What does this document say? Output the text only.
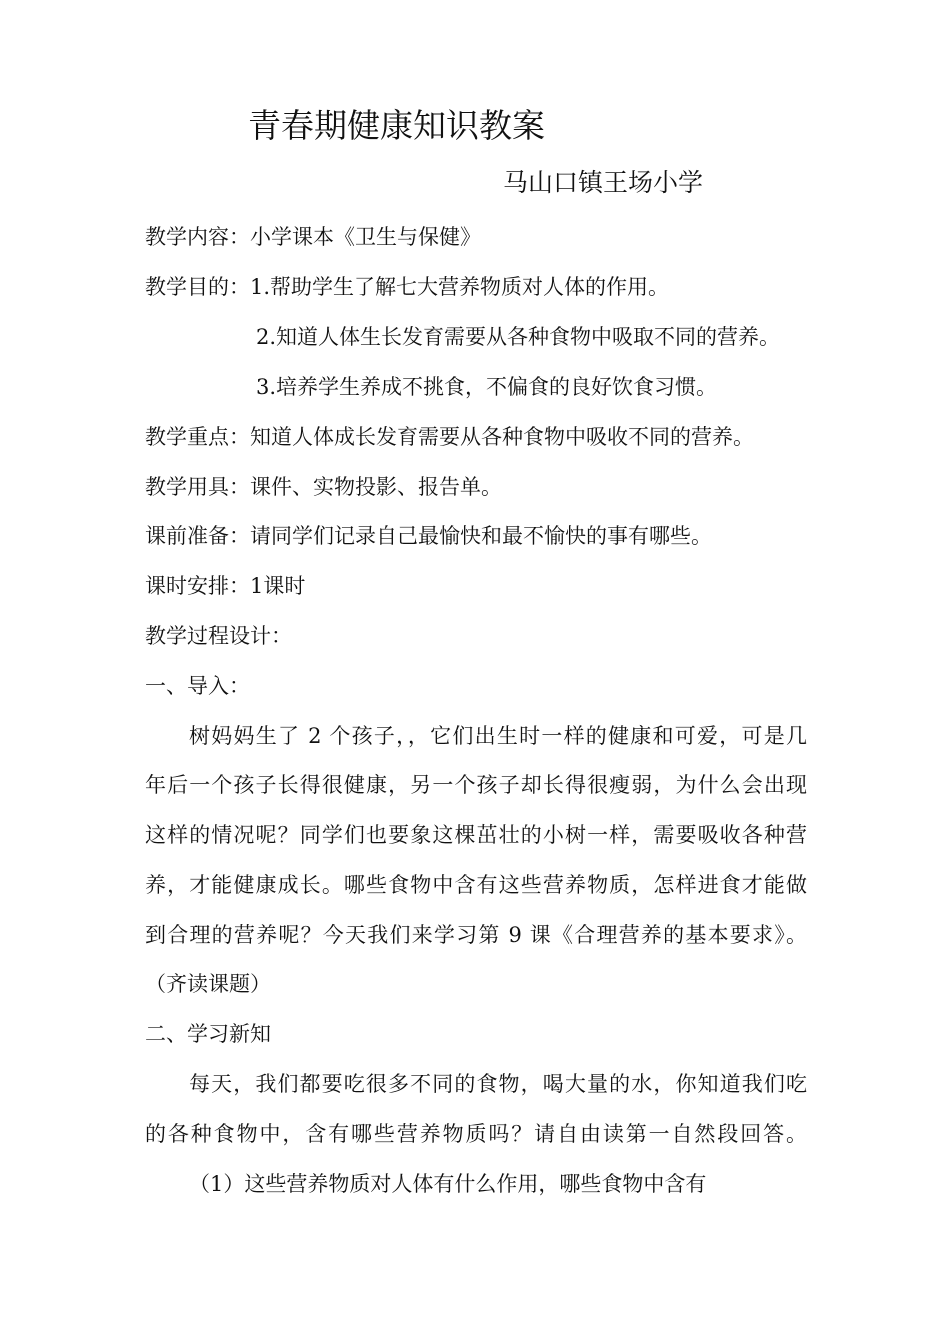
青春期健康知识教案
马山口镇王场小学
教学内容：小学课本《卫生与保健》
教学目的：1.帮助学生了解七大营养物质对人体的作用。
2.知道人体生长发育需要从各种食物中吸取不同的营养。
3.培养学生养成不挑食，不偏食的良好饮食习惯。
教学重点：知道人体成长发育需要从各种食物中吸收不同的营养。
教学用具：课件、实物投影、报告单。
课前准备：请同学们记录自己最愉快和最不愉快的事有哪些。
课时安排：1课时
教学过程设计：
一、导入：
树妈妈生了 2 个孩子，，它们出生时一样的健康和可爱，可是几
年后一个孩子长得很健康，另一个孩子却长得很瘦弱，为什么会出现
这样的情况呢？同学们也要象这棵茁壮的小树一样，需要吸收各种营
养，才能健康成长。哪些食物中含有这些营养物质，怎样进食才能做
到合理的营养呢？今天我们来学习第 9 课《合理营养的基本要求》。
（齐读课题）
二、学习新知
每天，我们都要吃很多不同的食物，喝大量的水，你知道我们吃
的各种食物中，含有哪些营养物质吗？请自由读第一自然段回答。
（1）这些营养物质对人体有什么作用，哪些食物中含有
